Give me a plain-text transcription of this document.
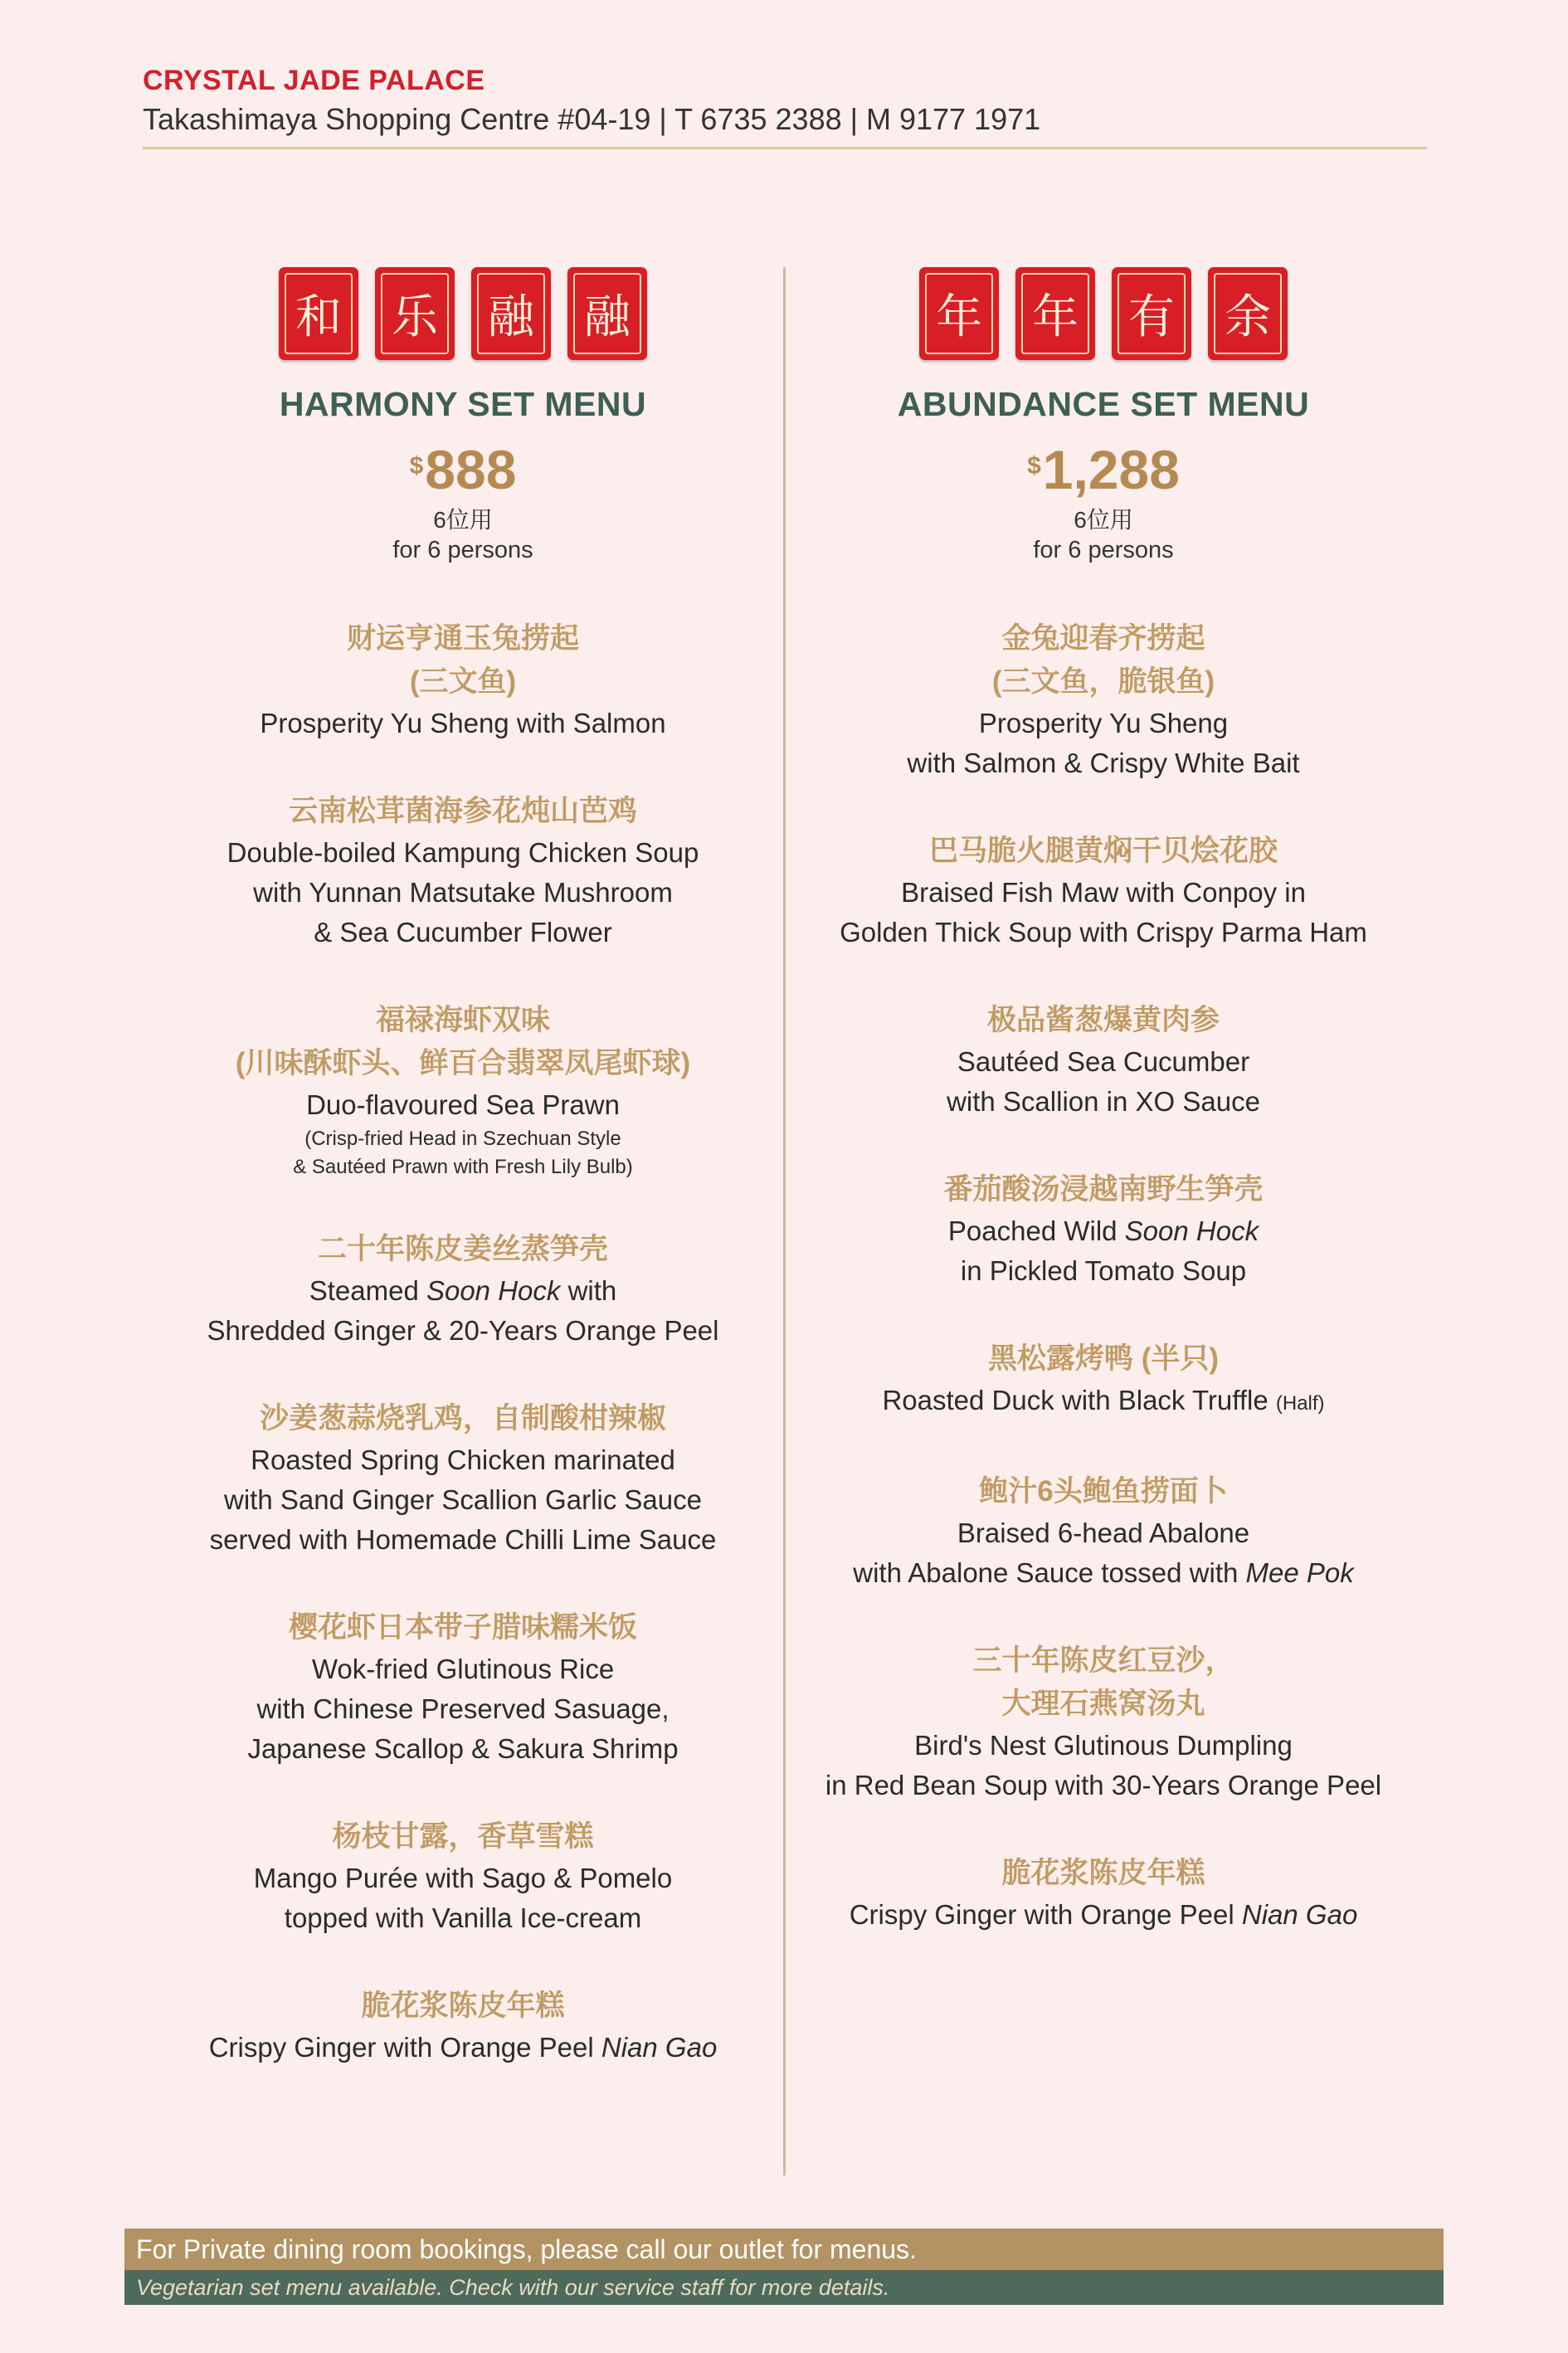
CRYSTAL JADE PALACE
Takashimaya Shopping Centre #04-19 | T 6735 2388 | M 9177 1971
和 乐 融 融
HARMONY SET MENU
$888
6位用
for 6 persons
财运亨通玉兔捞起
(三文鱼)
Prosperity Yu Sheng with Salmon
云南松茸菌海参花炖山芭鸡
Double-boiled Kampung Chicken Soup
with Yunnan Matsutake Mushroom
& Sea Cucumber Flower
福禄海虾双味
(川味酥虾头、鲜百合翡翠凤尾虾球)
Duo-flavoured Sea Prawn
(Crisp-fried Head in Szechuan Style
& Sautéed Prawn with Fresh Lily Bulb)
二十年陈皮姜丝蒸笋壳
Steamed Soon Hock with
Shredded Ginger & 20-Years Orange Peel
沙姜葱蒜烧乳鸡，自制酸柑辣椒
Roasted Spring Chicken marinated
with Sand Ginger Scallion Garlic Sauce
served with Homemade Chilli Lime Sauce
樱花虾日本带子腊味糯米饭
Wok-fried Glutinous Rice
with Chinese Preserved Sasuage,
Japanese Scallop & Sakura Shrimp
杨枝甘露，香草雪糕
Mango Purée with Sago & Pomelo
topped with Vanilla Ice-cream
脆花浆陈皮年糕
Crispy Ginger with Orange Peel Nian Gao
年 年 有 余
ABUNDANCE SET MENU
$1,288
6位用
for 6 persons
金兔迎春齐捞起
(三文鱼，脆银鱼)
Prosperity Yu Sheng
with Salmon & Crispy White Bait
巴马脆火腿黄焖干贝烩花胶
Braised Fish Maw with Conpoy in
Golden Thick Soup with Crispy Parma Ham
极品酱葱爆黄肉参
Sautéed Sea Cucumber
with Scallion in XO Sauce
番茄酸汤浸越南野生笋壳
Poached Wild Soon Hock
in Pickled Tomato Soup
黑松露烤鸭 (半只)
Roasted Duck with Black Truffle (Half)
鲍汁6头鲍鱼捞面卜
Braised 6-head Abalone
with Abalone Sauce tossed with Mee Pok
三十年陈皮红豆沙，
大理石燕窝汤丸
Bird's Nest Glutinous Dumpling
in Red Bean Soup with 30-Years Orange Peel
脆花浆陈皮年糕
Crispy Ginger with Orange Peel Nian Gao
For Private dining room bookings, please call our outlet for menus.
Vegetarian set menu available. Check with our service staff for more details.
